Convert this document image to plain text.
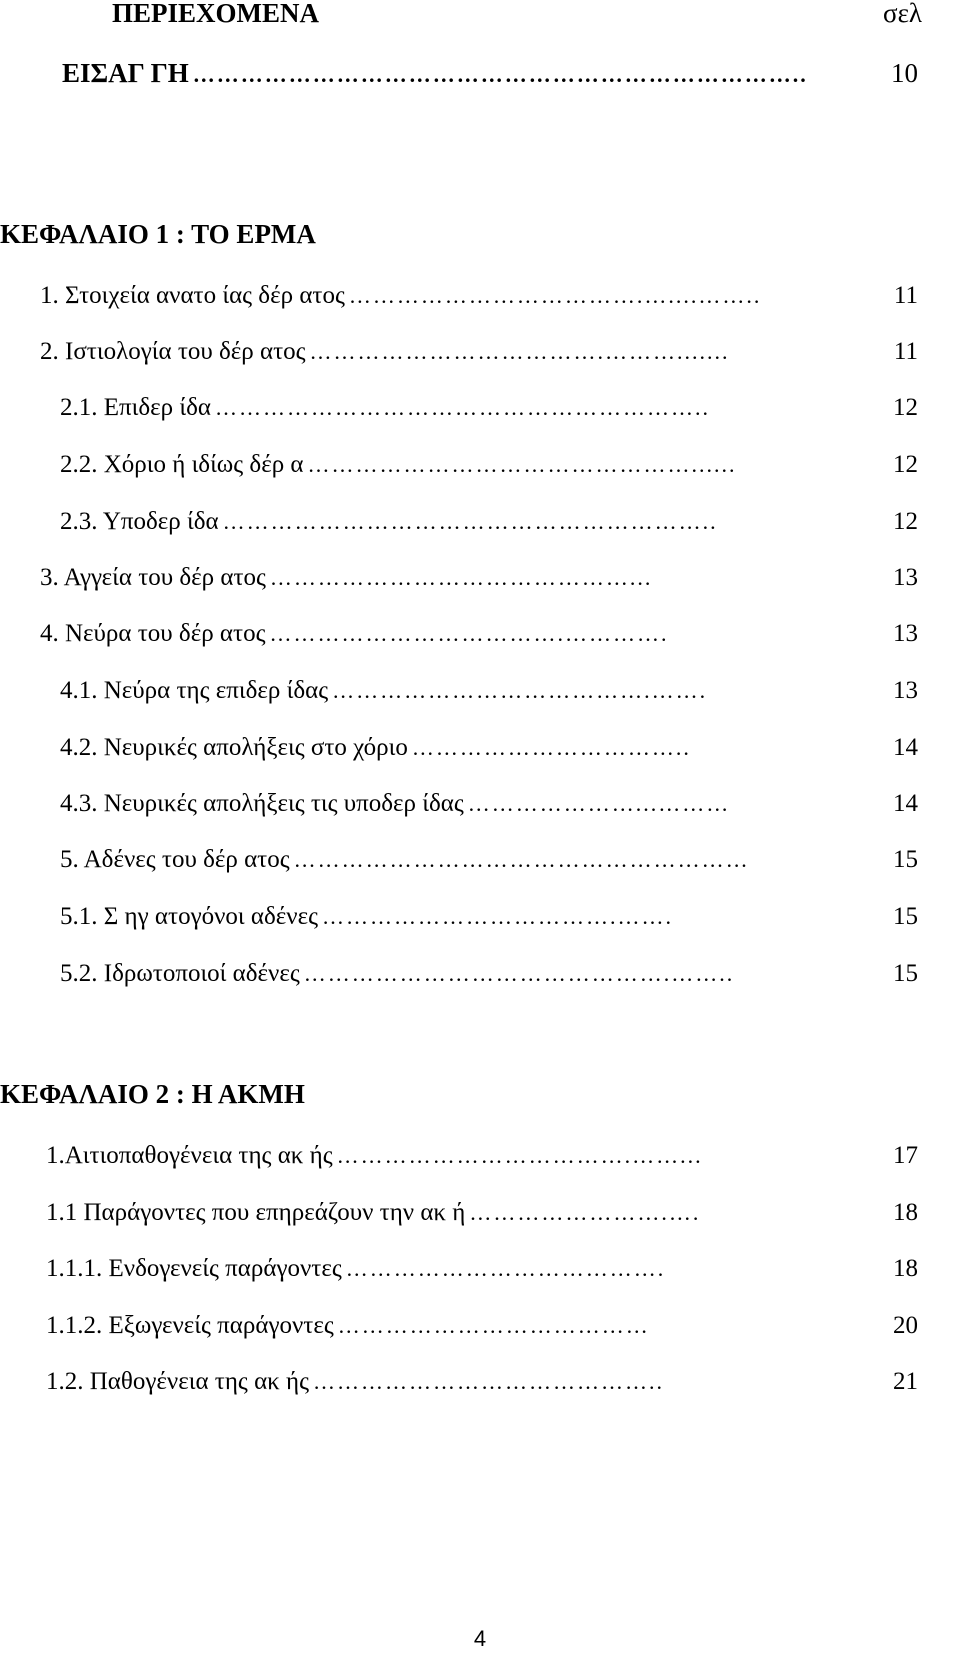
ΠΕΡΙΕΧΟΜΕΝΑ	σελ
ΕΙΣΑΓ ΓΗ …………………………………………………………………..	10
ΚΕΦΑΛΑΙΟ 1 : ΤΟ ΕΡΜΑ
1. Στοιχεία ανατο ίας δέρ ατος ……………………………….…....……..	11
2. Ιστιολογία του δέρ ατος ……………………………….……….......	11
2.1. Επιδερ ίδα ……………………………………………………..	12
2.2. Χόριο ή ιδίως δέρ α …………………………………………......	12
2.3. Υποδερ ίδα ……………………………………………………..	12
3. Αγγεία του δέρ ατος ………………………………………...	13
4. Νεύρα του δέρ ατος ……………………………….………….	13
4.1. Νεύρα της επιδερ ίδας ………………………………….…….	13
4.2. Νευρικές απολήξεις στο χόριο ……………………………..	14
4.3. Νευρικές απολήξεις τις υποδερ ίδας …………………...………	14
5. Αδένες του δέρ ατος …………………………………………………	15
5.1. Σ ηγ ατογόνοι αδένες ……………………………….…….	15
5.2. Ιδρωτοποιοί αδένες ……………………………………….……..	15
ΚΕΦΑΛΑΙΟ 2 : Η ΑΚΜΗ
1.Αιτιοπαθογένεια της ακ ής ……………………………….……...	17
1.1 Παράγοντες που επηρεάζουν την ακ ή …………………….….	18
1.1.1. Ενδογενείς παράγοντες ………………………………….	18
1.1.2. Εξωγενείς παράγοντες …………………………………	20
1.2. Παθογένεια της ακ ής ……………………………………..	21
4
